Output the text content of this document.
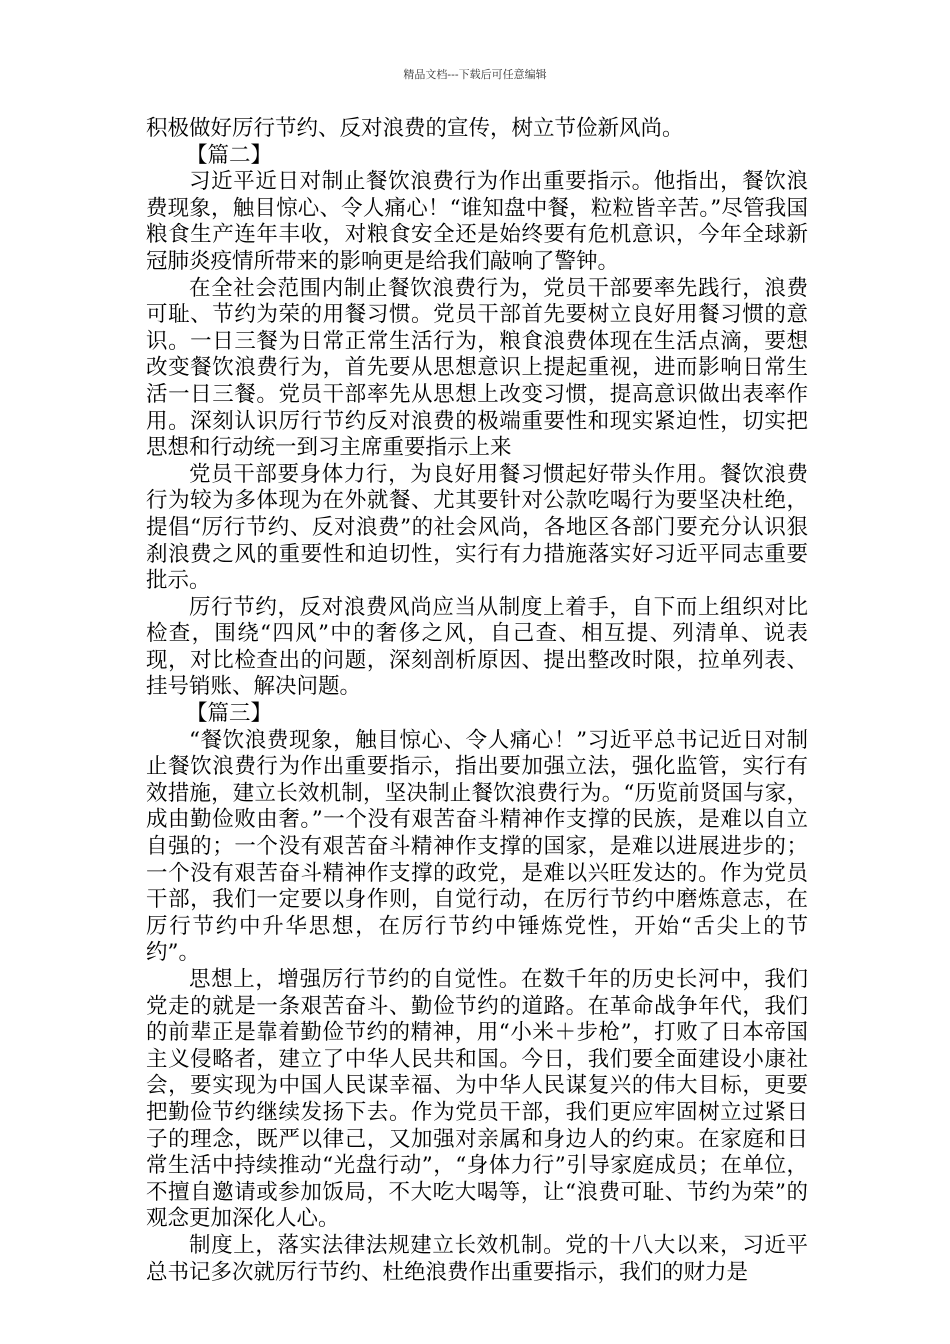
精品文档---下载后可任意编辑

积极做好厉行节约、反对浪费的宣传，树立节俭新风尚。

【篇二】

习近平近日对制止餐饮浪费行为作出重要指示。他指出，餐饮浪费现象，触目惊心、令人痛心！“谁知盘中餐，粒粒皆辛苦。”尽管我国粮食生产连年丰收，对粮食安全还是始终要有危机意识，今年全球新冠肺炎疫情所带来的影响更是给我们敲响了警钟。

在全社会范围内制止餐饮浪费行为，党员干部要率先践行，浪费可耻、节约为荣的用餐习惯。党员干部首先要树立良好用餐习惯的意识。一日三餐为日常正常生活行为，粮食浪费体现在生活点滴，要想改变餐饮浪费行为，首先要从思想意识上提起重视，进而影响日常生活一日三餐。党员干部率先从思想上改变习惯，提高意识做出表率作用。深刻认识厉行节约反对浪费的极端重要性和现实紧迫性，切实把思想和行动统一到习主席重要指示上来

党员干部要身体力行，为良好用餐习惯起好带头作用。餐饮浪费行为较为多体现为在外就餐、尤其要针对公款吃喝行为要坚决杜绝，提倡“厉行节约、反对浪费”的社会风尚，各地区各部门要充分认识狠刹浪费之风的重要性和迫切性，实行有力措施落实好习近平同志重要批示。

厉行节约，反对浪费风尚应当从制度上着手，自下而上组织对比检查，围绕“四风”中的奢侈之风，自己查、相互提、列清单、说表现，对比检查出的问题，深刻剖析原因、提出整改时限，拉单列表、挂号销账、解决问题。

【篇三】

“餐饮浪费现象，触目惊心、令人痛心！”习近平总书记近日对制止餐饮浪费行为作出重要指示，指出要加强立法，强化监管，实行有效措施，建立长效机制，坚决制止餐饮浪费行为。“历览前贤国与家，成由勤俭败由奢。”一个没有艰苦奋斗精神作支撑的民族，是难以自立自强的；一个没有艰苦奋斗精神作支撑的国家，是难以进展进步的；一个没有艰苦奋斗精神作支撑的政党，是难以兴旺发达的。作为党员干部，我们一定要以身作则，自觉行动，在厉行节约中磨炼意志，在厉行节约中升华思想，在厉行节约中锤炼党性，开始“舌尖上的节约”。

思想上，增强厉行节约的自觉性。在数千年的历史长河中，我们党走的就是一条艰苦奋斗、勤俭节约的道路。在革命战争年代，我们的前辈正是靠着勤俭节约的精神，用“小米＋步枪”，打败了日本帝国主义侵略者，建立了中华人民共和国。今日，我们要全面建设小康社会，要实现为中国人民谋幸福、为中华人民谋复兴的伟大目标，更要把勤俭节约继续发扬下去。作为党员干部，我们更应牢固树立过紧日子的理念，既严以律己，又加强对亲属和身边人的约束。在家庭和日常生活中持续推动“光盘行动”，“身体力行”引导家庭成员；在单位，不擅自邀请或参加饭局，不大吃大喝等，让“浪费可耻、节约为荣”的观念更加深化人心。

制度上，落实法律法规建立长效机制。党的十八大以来，习近平总书记多次就厉行节约、杜绝浪费作出重要指示，我们的财力是
